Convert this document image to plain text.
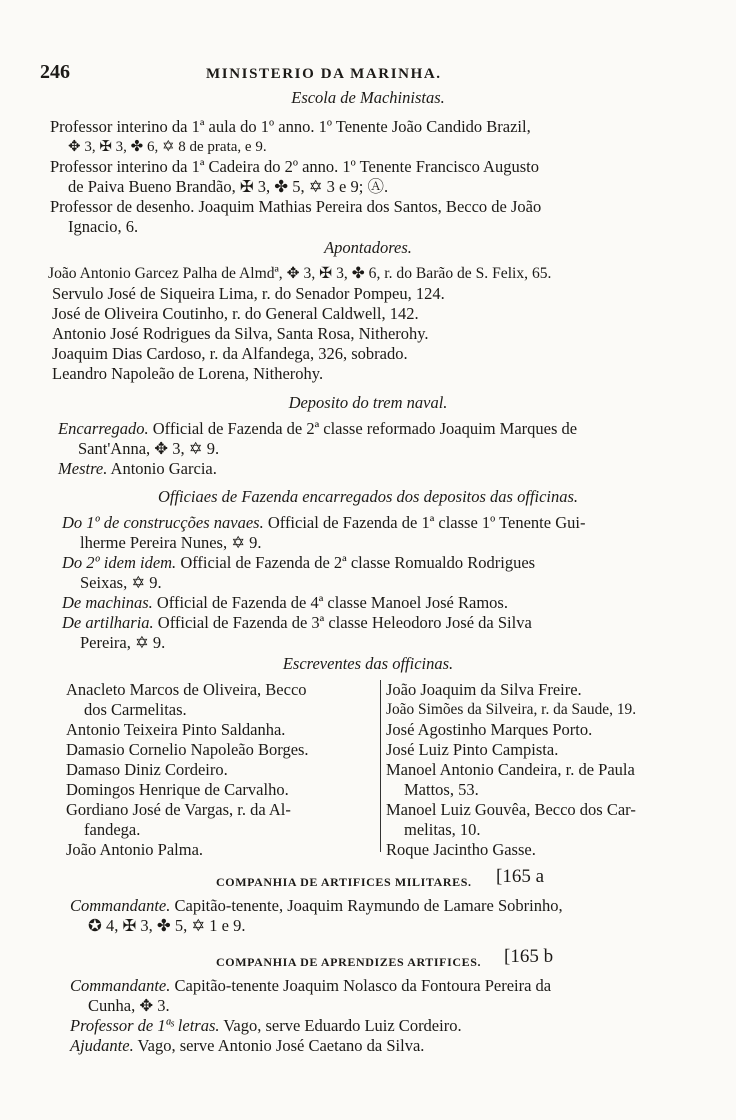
246	MINISTERIO DA MARINHA.
Escola de Machinistas.
Professor interino da 1ª aula do 1º anno. 1º Tenente João Candido Brazil,
✥ 3, ✠ 3, ✤ 6, ✡ 8 de prata, e 9.
Professor interino da 1ª Cadeira do 2º anno. 1º Tenente Francisco Augusto
de Paiva Bueno Brandão, ✠ 3, ✤ 5, ✡ 3 e 9; Ⓐ.
Professor de desenho. Joaquim Mathias Pereira dos Santos, Becco de João
Ignacio, 6.
Apontadores.
João Antonio Garcez Palha de Almdª, ✥ 3, ✠ 3, ✤ 6, r. do Barão de S. Felix, 65.
Servulo José de Siqueira Lima, r. do Senador Pompeu, 124.
José de Oliveira Coutinho, r. do General Caldwell, 142.
Antonio José Rodrigues da Silva, Santa Rosa, Nitherohy.
Joaquim Dias Cardoso, r. da Alfandega, 326, sobrado.
Leandro Napoleão de Lorena, Nitherohy.
Deposito do trem naval.
Encarregado. Official de Fazenda de 2ª classe reformado Joaquim Marques de
Sant'Anna, ✥ 3, ✡ 9.
Mestre. Antonio Garcia.
Officiaes de Fazenda encarregados dos depositos das officinas.
Do 1º de construcções navaes. Official de Fazenda de 1ª classe 1º Tenente Gui-
lherme Pereira Nunes, ✡ 9.
Do 2º idem idem. Official de Fazenda de 2ª classe Romualdo Rodrigues
Seixas, ✡ 9.
De machinas. Official de Fazenda de 4ª classe Manoel José Ramos.
De artilharia. Official de Fazenda de 3ª classe Heleodoro José da Silva
Pereira, ✡ 9.
Escreventes das officinas.
Anacleto Marcos de Oliveira, Becco
dos Carmelitas.
Antonio Teixeira Pinto Saldanha.
Damasio Cornelio Napoleão Borges.
Damaso Diniz Cordeiro.
Domingos Henrique de Carvalho.
Gordiano José de Vargas, r. da Al-
fandega.
João Antonio Palma.
João Joaquim da Silva Freire.
João Simões da Silveira, r. da Saude, 19.
José Agostinho Marques Porto.
José Luiz Pinto Campista.
Manoel Antonio Candeira, r. de Paula
Mattos, 53.
Manoel Luiz Gouvêa, Becco dos Car-
melitas, 10.
Roque Jacintho Gasse.
COMPANHIA DE ARTIFICES MILITARES. [165 a
Commandante. Capitão-tenente, Joaquim Raymundo de Lamare Sobrinho,
✪ 4, ✠ 3, ✤ 5, ✡ 1 e 9.
COMPANHIA DE APRENDIZES ARTIFICES. [165 b
Commandante. Capitão-tenente Joaquim Nolasco da Fontoura Pereira da
Cunha, ✥ 3.
Professor de 1ªˢ letras. Vago, serve Eduardo Luiz Cordeiro.
Ajudante. Vago, serve Antonio José Caetano da Silva.
